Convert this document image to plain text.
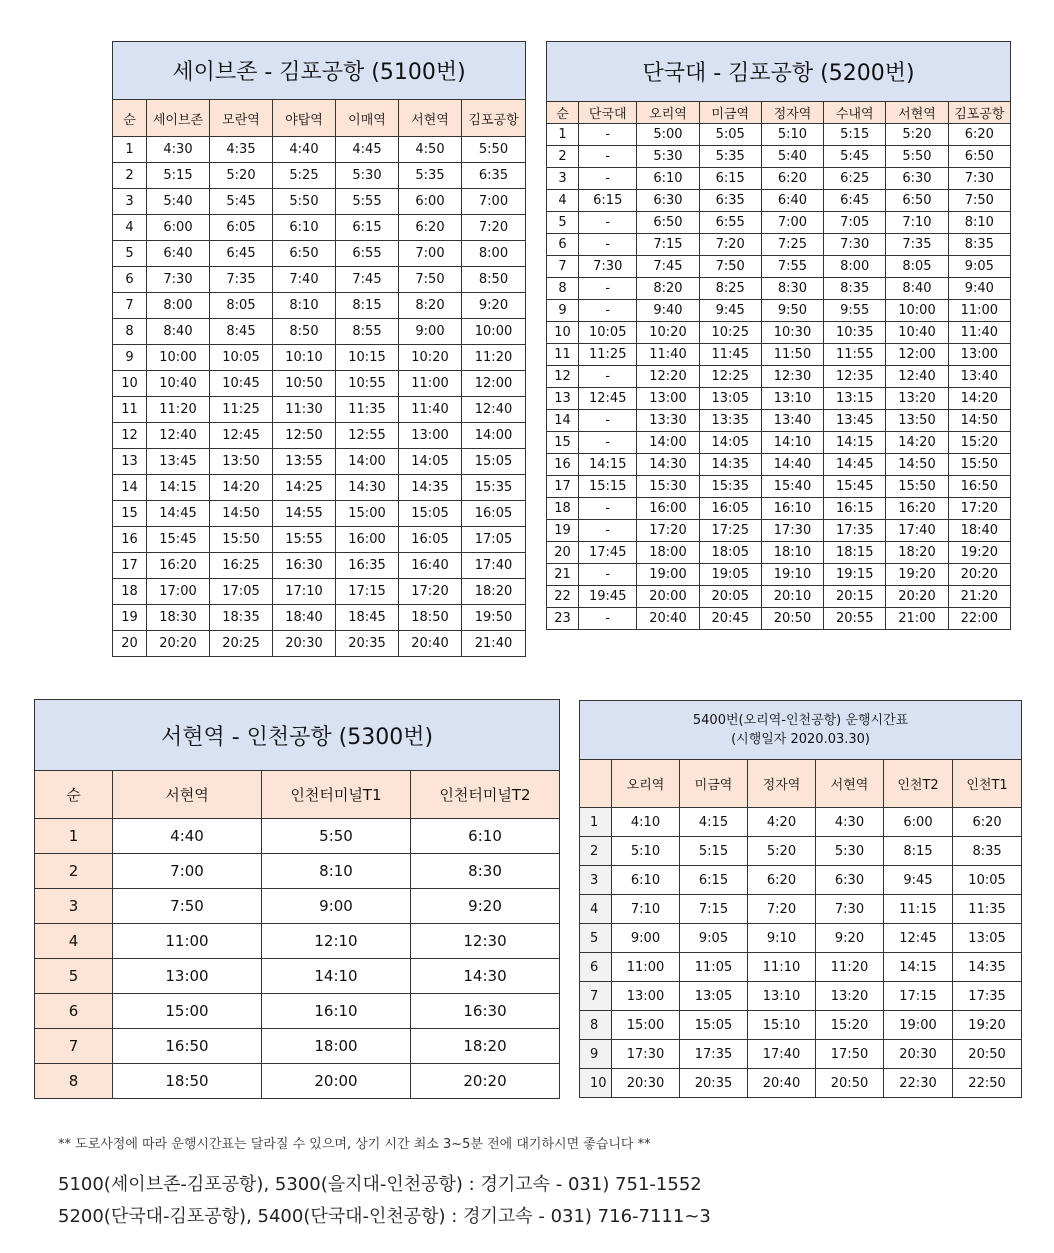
세이브존 - 김포공항 (5100번)						
순	세이브존	모란역	야탑역	이매역	서현역	김포공항
1	4:30	4:35	4:40	4:45	4:50	5:50
2	5:15	5:20	5:25	5:30	5:35	6:35
3	5:40	5:45	5:50	5:55	6:00	7:00
4	6:00	6:05	6:10	6:15	6:20	7:20
5	6:40	6:45	6:50	6:55	7:00	8:00
6	7:30	7:35	7:40	7:45	7:50	8:50
7	8:00	8:05	8:10	8:15	8:20	9:20
8	8:40	8:45	8:50	8:55	9:00	10:00
9	10:00	10:05	10:10	10:15	10:20	11:20
10	10:40	10:45	10:50	10:55	11:00	12:00
11	11:20	11:25	11:30	11:35	11:40	12:40
12	12:40	12:45	12:50	12:55	13:00	14:00
13	13:45	13:50	13:55	14:00	14:05	15:05
14	14:15	14:20	14:25	14:30	14:35	15:35
15	14:45	14:50	14:55	15:00	15:05	16:05
16	15:45	15:50	15:55	16:00	16:05	17:05
17	16:20	16:25	16:30	16:35	16:40	17:40
18	17:00	17:05	17:10	17:15	17:20	18:20
19	18:30	18:35	18:40	18:45	18:50	19:50
20	20:20	20:25	20:30	20:35	20:40	21:40
단국대 - 김포공항 (5200번)							
순	단국대	오리역	미금역	정자역	수내역	서현역	김포공항
1	-	5:00	5:05	5:10	5:15	5:20	6:20
2	-	5:30	5:35	5:40	5:45	5:50	6:50
3	-	6:10	6:15	6:20	6:25	6:30	7:30
4	6:15	6:30	6:35	6:40	6:45	6:50	7:50
5	-	6:50	6:55	7:00	7:05	7:10	8:10
6	-	7:15	7:20	7:25	7:30	7:35	8:35
7	7:30	7:45	7:50	7:55	8:00	8:05	9:05
8	-	8:20	8:25	8:30	8:35	8:40	9:40
9	-	9:40	9:45	9:50	9:55	10:00	11:00
10	10:05	10:20	10:25	10:30	10:35	10:40	11:40
11	11:25	11:40	11:45	11:50	11:55	12:00	13:00
12	-	12:20	12:25	12:30	12:35	12:40	13:40
13	12:45	13:00	13:05	13:10	13:15	13:20	14:20
14	-	13:30	13:35	13:40	13:45	13:50	14:50
15	-	14:00	14:05	14:10	14:15	14:20	15:20
16	14:15	14:30	14:35	14:40	14:45	14:50	15:50
17	15:15	15:30	15:35	15:40	15:45	15:50	16:50
18	-	16:00	16:05	16:10	16:15	16:20	17:20
19	-	17:20	17:25	17:30	17:35	17:40	18:40
20	17:45	18:00	18:05	18:10	18:15	18:20	19:20
21	-	19:00	19:05	19:10	19:15	19:20	20:20
22	19:45	20:00	20:05	20:10	20:15	20:20	21:20
23	-	20:40	20:45	20:50	20:55	21:00	22:00
서현역 - 인천공항 (5300번)			
순	서현역	인천터미널T1	인천터미널T2
1	4:40	5:50	6:10
2	7:00	8:10	8:30
3	7:50	9:00	9:20
4	11:00	12:10	12:30
5	13:00	14:10	14:30
6	15:00	16:10	16:30
7	16:50	18:00	18:20
8	18:50	20:00	20:20
5400번(오리역-인천공항) 운행시간표
(시행일자 2020.03.30)						
	오리역	미금역	정자역	서현역	인천T2	인천T1
1	4:10	4:15	4:20	4:30	6:00	6:20
2	5:10	5:15	5:20	5:30	8:15	8:35
3	6:10	6:15	6:20	6:30	9:45	10:05
4	7:10	7:15	7:20	7:30	11:15	11:35
5	9:00	9:05	9:10	9:20	12:45	13:05
6	11:00	11:05	11:10	11:20	14:15	14:35
7	13:00	13:05	13:10	13:20	17:15	17:35
8	15:00	15:05	15:10	15:20	19:00	19:20
9	17:30	17:35	17:40	17:50	20:30	20:50
10	20:30	20:35	20:40	20:50	22:30	22:50
** 도로사정에 따라 운행시간표는 달라질 수 있으며, 상기 시간 최소 3~5분 전에 대기하시면 좋습니다 **
5100(세이브존-김포공항), 5300(을지대-인천공항) : 경기고속 - 031) 751-1552
5200(단국대-김포공항), 5400(단국대-인천공항) : 경기고속 - 031) 716-7111~3
